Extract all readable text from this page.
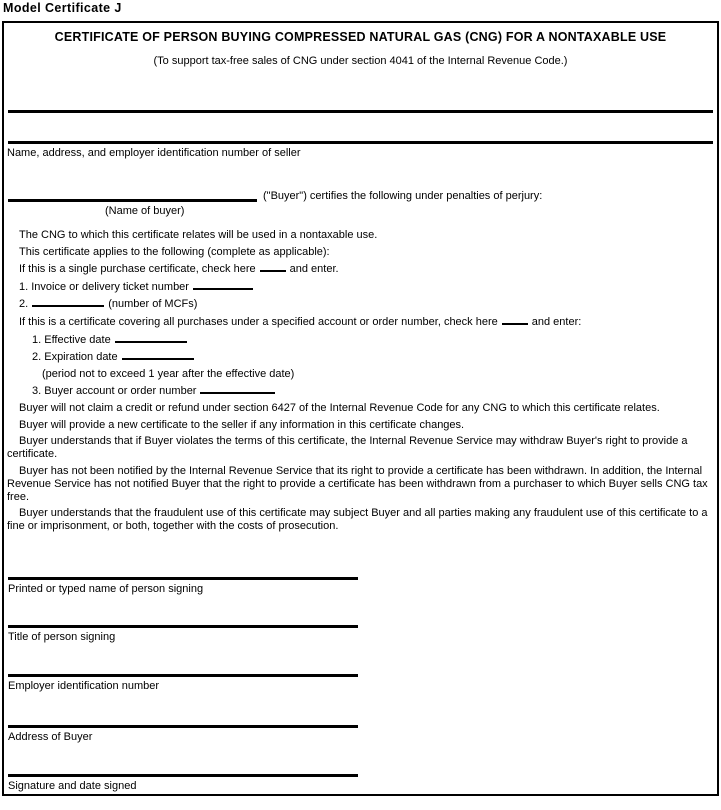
Model Certificate J
CERTIFICATE OF PERSON BUYING COMPRESSED NATURAL GAS (CNG) FOR A NONTAXABLE USE
(To support tax-free sales of CNG under section 4041 of the Internal Revenue Code.)
Name, address, and employer identification number of seller
("Buyer") certifies the following under penalties of perjury:
(Name of buyer)
The CNG to which this certificate relates will be used in a nontaxable use.
This certificate applies to the following (complete as applicable):
If this is a single purchase certificate, check here	and enter.
1. Invoice or delivery ticket number
2.	(number of MCFs)
If this is a certificate covering all purchases under a specified account or order number, check here	and enter:
1. Effective date
2. Expiration date
(period not to exceed 1 year after the effective date)
3. Buyer account or order number
Buyer will not claim a credit or refund under section 6427 of the Internal Revenue Code for any CNG to which this certificate relates.
Buyer will provide a new certificate to the seller if any information in this certificate changes.
Buyer understands that if Buyer violates the terms of this certificate, the Internal Revenue Service may withdraw Buyer's right to provide a certificate.
Buyer has not been notified by the Internal Revenue Service that its right to provide a certificate has been withdrawn. In addition, the Internal Revenue Service has not notified Buyer that the right to provide a certificate has been withdrawn from a purchaser to which Buyer sells CNG tax free.
Buyer understands that the fraudulent use of this certificate may subject Buyer and all parties making any fraudulent use of this certificate to a fine or imprisonment, or both, together with the costs of prosecution.
Printed or typed name of person signing
Title of person signing
Employer identification number
Address of Buyer
Signature and date signed
